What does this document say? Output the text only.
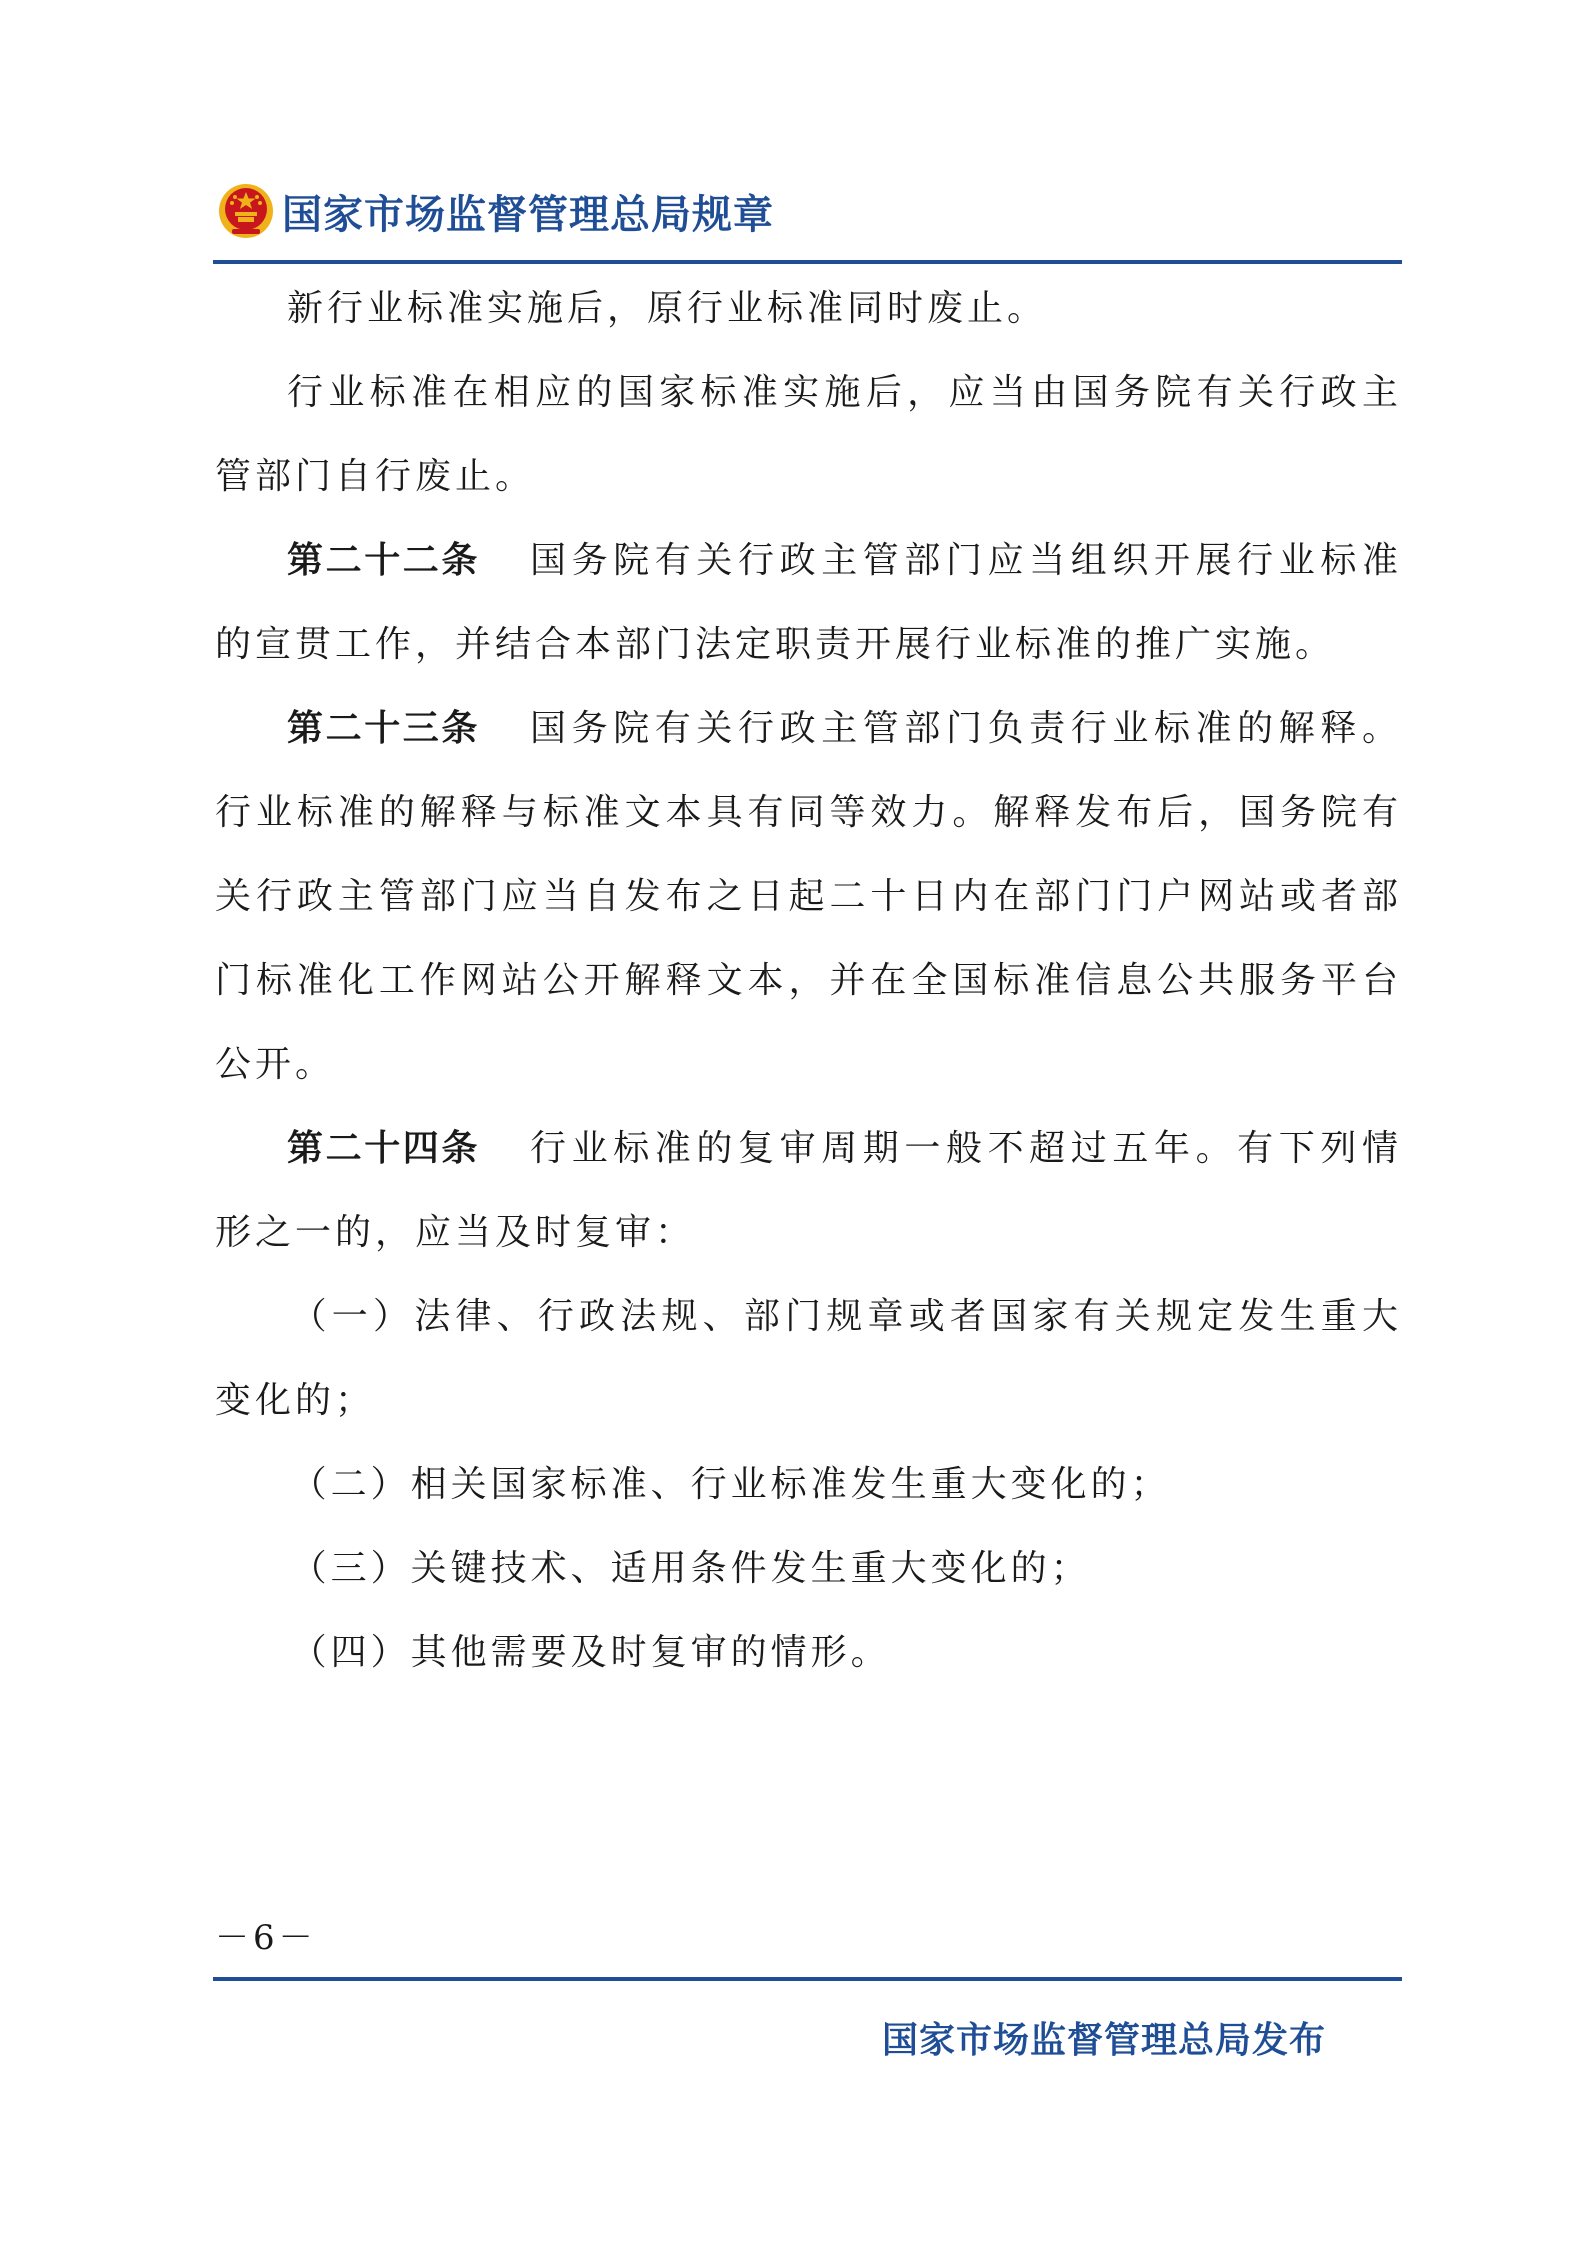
国家市场监督管理总局规章

新行业标准实施后，原行业标准同时废止。

行业标准在相应的国家标准实施后，应当由国务院有关行政主管部门自行废止。

第二十二条 国务院有关行政主管部门应当组织开展行业标准的宣贯工作，并结合本部门法定职责开展行业标准的推广实施。

第二十三条 国务院有关行政主管部门负责行业标准的解释。行业标准的解释与标准文本具有同等效力。解释发布后，国务院有关行政主管部门应当自发布之日起二十日内在部门门户网站或者部门标准化工作网站公开解释文本，并在全国标准信息公共服务平台公开。

第二十四条 行业标准的复审周期一般不超过五年。有下列情形之一的，应当及时复审：

（一）法律、行政法规、部门规章或者国家有关规定发生重大变化的；

（二）相关国家标准、行业标准发生重大变化的；

（三）关键技术、适用条件发生重大变化的；

（四）其他需要及时复审的情形。

－6－
国家市场监督管理总局发布
